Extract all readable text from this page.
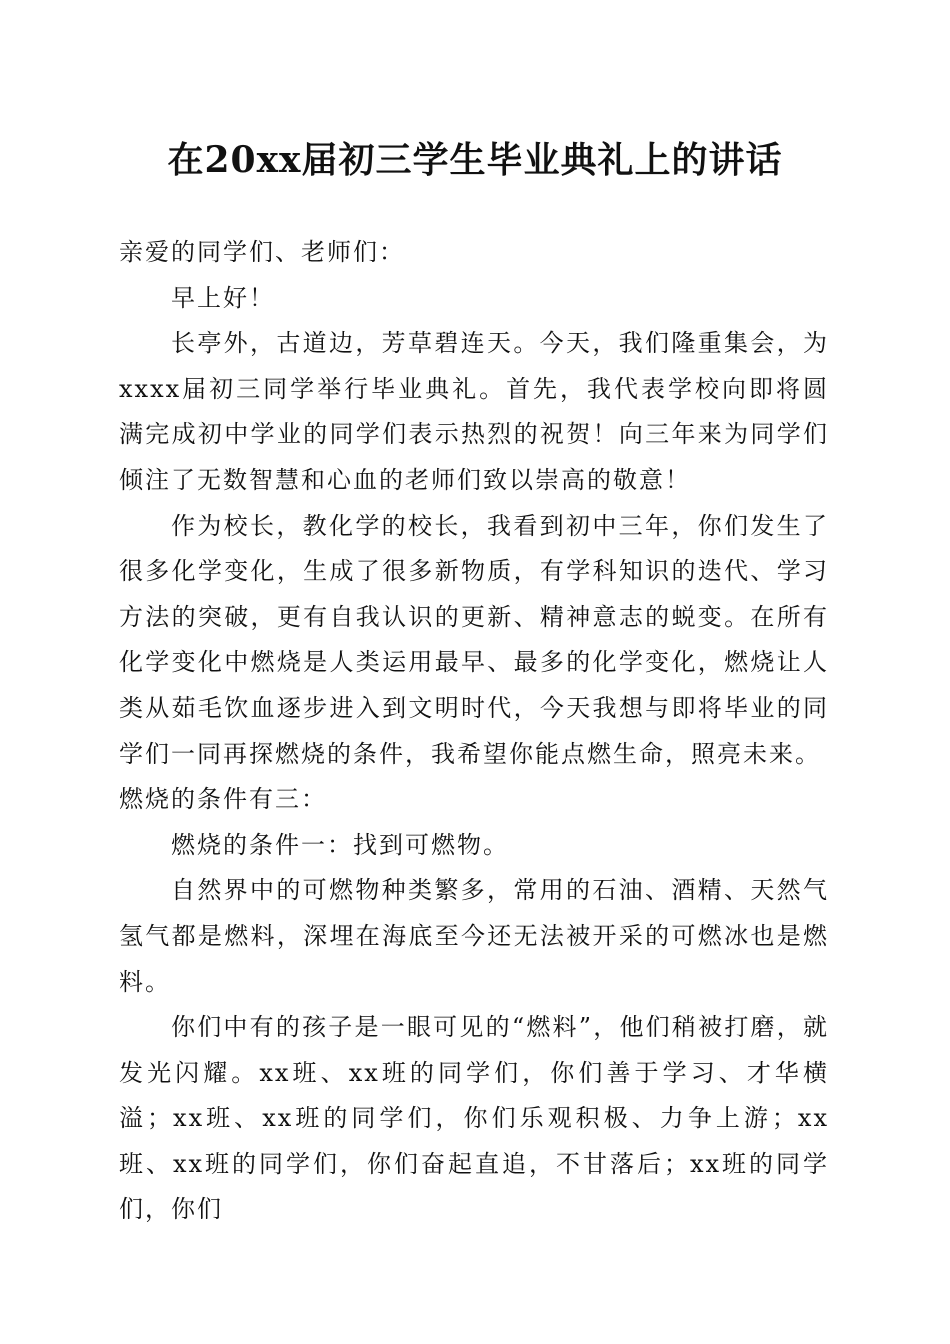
在20xx届初三学生毕业典礼上的讲话

亲爱的同学们、老师们：

早上好！

长亭外，古道边，芳草碧连天。今天，我们隆重集会，为xxxx届初三同学举行毕业典礼。首先，我代表学校向即将圆满完成初中学业的同学们表示热烈的祝贺！向三年来为同学们倾注了无数智慧和心血的老师们致以崇高的敬意！

作为校长，教化学的校长，我看到初中三年，你们发生了很多化学变化，生成了很多新物质，有学科知识的迭代、学习方法的突破，更有自我认识的更新、精神意志的蜕变。在所有化学变化中燃烧是人类运用最早、最多的化学变化，燃烧让人类从茹毛饮血逐步进入到文明时代，今天我想与即将毕业的同学们一同再探燃烧的条件，我希望你能点燃生命，照亮未来。

燃烧的条件有三：

燃烧的条件一：找到可燃物。

自然界中的可燃物种类繁多，常用的石油、酒精、天然气氢气都是燃料，深埋在海底至今还无法被开采的可燃冰也是燃料。

你们中有的孩子是一眼可见的“燃料”，他们稍被打磨，就发光闪耀。xx班、xx班的同学们，你们善于学习、才华横溢；xx班、xx班的同学们，你们乐观积极、力争上游；xx班、xx班的同学们，你们奋起直追，不甘落后；xx班的同学们，你们
